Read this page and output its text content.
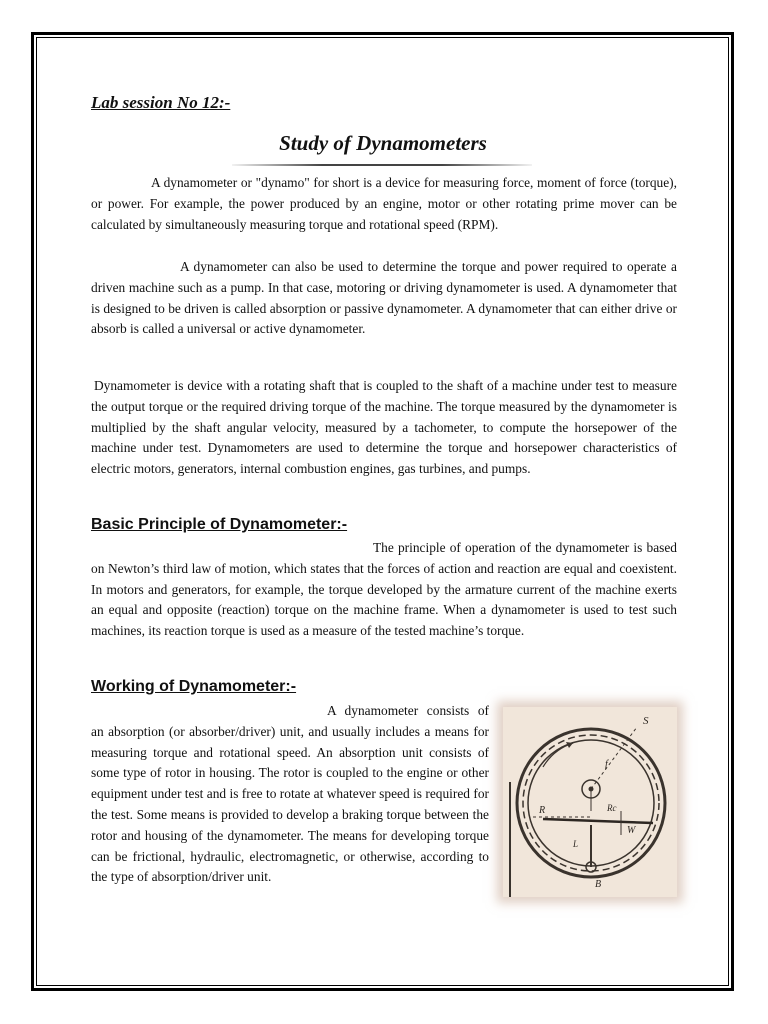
Lab session No 12:-
Study of Dynamometers

A dynamometer or "dynamo" for short is a device for measuring force, moment of force (torque), or power. For example, the power produced by an engine, motor or other rotating prime mover can be calculated by simultaneously measuring torque and rotational speed (RPM).

A dynamometer can also be used to determine the torque and power required to operate a driven machine such as a pump. In that case, motoring or driving dynamometer is used. A dynamometer that is designed to be driven is called absorption or passive dynamometer. A dynamometer that can either drive or absorb is called a universal or active dynamometer.

Dynamometer is device with a rotating shaft that is coupled to the shaft of a machine under test to measure the output torque or the required driving torque of the machine. The torque measured by the dynamometer is multiplied by the shaft angular velocity, measured by a tachometer, to compute the horsepower of the machine under test. Dynamometers are used to determine the torque and horsepower characteristics of electric motors, generators, internal combustion engines, gas turbines, and pumps.

Basic Principle of Dynamometer:-

The principle of operation of the dynamometer is based on Newton’s third law of motion, which states that the forces of action and reaction are equal and coexistent. In motors and generators, for example, the torque developed by the armature current of the machine exerts an equal and opposite (reaction) torque on the machine frame. When a dynamometer is used to test such machines, its reaction torque is used as a measure of the tested machine’s torque.

Working of Dynamometer:-

A dynamometer consists of an absorption (or absorber/driver) unit, and usually includes a means for measuring torque and rotational speed. An absorption unit consists of some type of rotor in housing. The rotor is coupled to the engine or other equipment under test and is free to rotate at whatever speed is required for the test. Some means is provided to develop a braking torque between the rotor and housing of the dynamometer. The means for developing torque can be frictional, hydraulic, electromagnetic, or otherwise, according to the type of absorption/driver unit.

S
f
R	Rc
W
L
B
